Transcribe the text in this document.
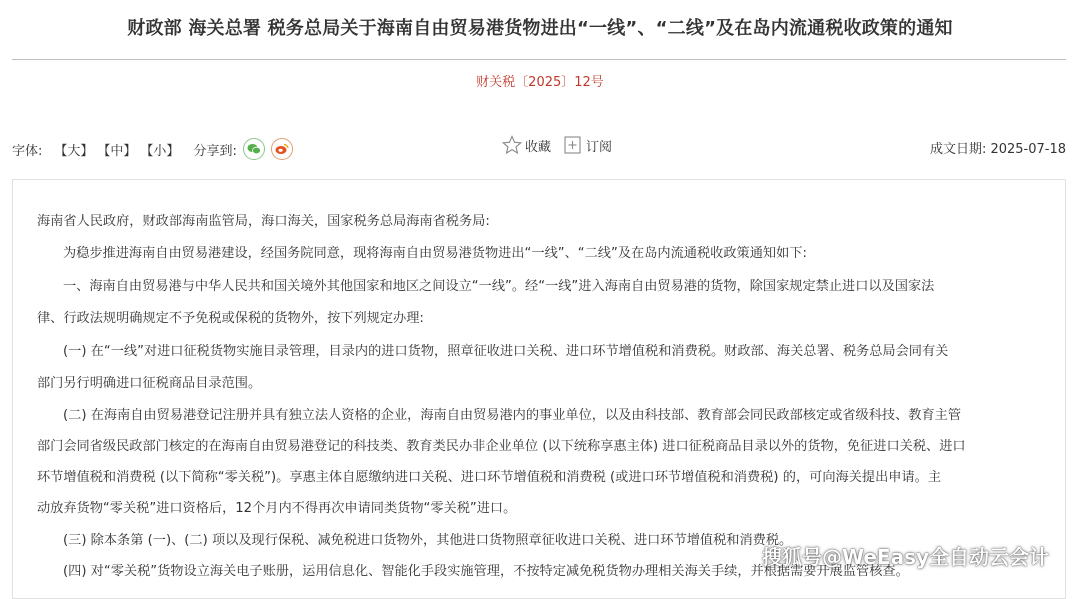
财政部 海关总署 税务总局关于海南自由贸易港货物进出“一线”、“二线”及在岛内流通税收政策的通知
财关税〔2025〕12号
字体: 【大】 【中】 【小】 分享到:	收藏	订阅	成文日期: 2025-07-18
海南省人民政府，财政部海南监管局，海口海关，国家税务总局海南省税务局:
为稳步推进海南自由贸易港建设，经国务院同意，现将海南自由贸易港货物进出“一线”、“二线”及在岛内流通税收政策通知如下:
一、海南自由贸易港与中华人民共和国关境外其他国家和地区之间设立“一线”。经“一线”进入海南自由贸易港的货物，除国家规定禁止进口以及国家法
律、行政法规明确规定不予免税或保税的货物外，按下列规定办理:
(一) 在“一线”对进口征税货物实施目录管理，目录内的进口货物，照章征收进口关税、进口环节增值税和消费税。财政部、海关总署、税务总局会同有关
部门另行明确进口征税商品目录范围。
(二) 在海南自由贸易港登记注册并具有独立法人资格的企业，海南自由贸易港内的事业单位，以及由科技部、教育部会同民政部核定或省级科技、教育主管
部门会同省级民政部门核定的在海南自由贸易港登记的科技类、教育类民办非企业单位 (以下统称享惠主体) 进口征税商品目录以外的货物，免征进口关税、进口
环节增值税和消费税 (以下简称“零关税”)。享惠主体自愿缴纳进口关税、进口环节增值税和消费税 (或进口环节增值税和消费税) 的，可向海关提出申请。主
动放弃货物“零关税”进口资格后，12个月内不得再次申请同类货物“零关税”进口。
(三) 除本条第 (一)、(二) 项以及现行保税、减免税进口货物外，其他进口货物照章征收进口关税、进口环节增值税和消费税。
(四) 对“零关税”货物设立海关电子账册，运用信息化、智能化手段实施管理，不按特定减免税货物办理相关海关手续，并根据需要开展监管核查。
搜狐号@WeEasy全自动云会计
